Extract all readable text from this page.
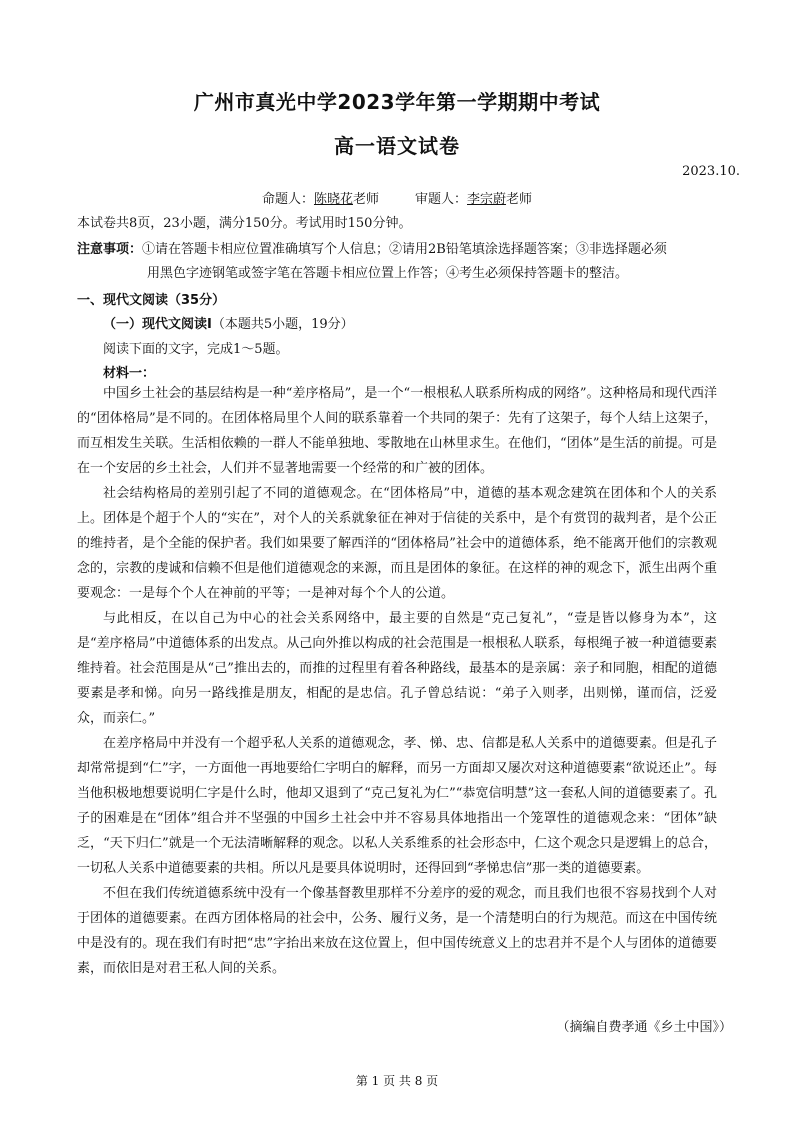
广州市真光中学2023学年第一学期期中考试
高一语文试卷
2023.10.
命题人：陈晓花老师	审题人：李宗蔚老师
本试卷共8页，23小题，满分150分。考试用时150分钟。
注意事项：①请在答题卡相应位置准确填写个人信息；②请用2B铅笔填涂选择题答案；③非选择题必须
用黑色字迹钢笔或签字笔在答题卡相应位置上作答；④考生必须保持答题卡的整洁。
一、现代文阅读（35分）
（一）现代文阅读Ⅰ（本题共5小题，19分）
阅读下面的文字，完成1～5题。
材料一：

中国乡土社会的基层结构是一种“差序格局”，是一个“一根根私人联系所构成的网络”。这种格局和现代西洋的“团体格局”是不同的。在团体格局里个人间的联系靠着一个共同的架子：先有了这架子，每个人结上这架子，而互相发生关联。生活相依赖的一群人不能单独地、零散地在山林里求生。在他们，“团体”是生活的前提。可是在一个安居的乡土社会，人们并不显著地需要一个经常的和广被的团体。

社会结构格局的差别引起了不同的道德观念。在“团体格局”中，道德的基本观念建筑在团体和个人的关系上。团体是个超于个人的“实在”，对个人的关系就象征在神对于信徒的关系中，是个有赏罚的裁判者，是个公正的维持者，是个全能的保护者。我们如果要了解西洋的“团体格局”社会中的道德体系，绝不能离开他们的宗教观念的，宗教的虔诚和信赖不但是他们道德观念的来源，而且是团体的象征。在这样的神的观念下，派生出两个重要观念：一是每个个人在神前的平等；一是神对每个个人的公道。

与此相反，在以自己为中心的社会关系网络中，最主要的自然是“克己复礼”，“壹是皆以修身为本”，这是“差序格局”中道德体系的出发点。从己向外推以构成的社会范围是一根根私人联系，每根绳子被一种道德要素维持着。社会范围是从“己”推出去的，而推的过程里有着各种路线，最基本的是亲属：亲子和同胞，相配的道德要素是孝和悌。向另一路线推是朋友，相配的是忠信。孔子曾总结说：“弟子入则孝，出则悌，谨而信，泛爱众，而亲仁。”

在差序格局中并没有一个超乎私人关系的道德观念，孝、悌、忠、信都是私人关系中的道德要素。但是孔子却常常提到“仁”字，一方面他一再地要给仁字明白的解释，而另一方面却又屡次对这种道德要素“欲说还止”。每当他积极地想要说明仁字是什么时，他却又退到了“克己复礼为仁”“恭宽信明慧”这一套私人间的道德要素了。孔子的困难是在“团体”组合并不坚强的中国乡土社会中并不容易具体地指出一个笼罩性的道德观念来：“团体”缺乏，“天下归仁”就是一个无法清晰解释的观念。以私人关系维系的社会形态中，仁这个观念只是逻辑上的总合，一切私人关系中道德要素的共相。所以凡是要具体说明时，还得回到“孝悌忠信”那一类的道德要素。

不但在我们传统道德系统中没有一个像基督教里那样不分差序的爱的观念，而且我们也很不容易找到个人对于团体的道德要素。在西方团体格局的社会中，公务、履行义务，是一个清楚明白的行为规范。而这在中国传统中是没有的。现在我们有时把“忠”字抬出来放在这位置上，但中国传统意义上的忠君并不是个人与团体的道德要素，而依旧是对君王私人间的关系。

（摘编自费孝通《乡土中国》）
第 1 页 共 8 页
